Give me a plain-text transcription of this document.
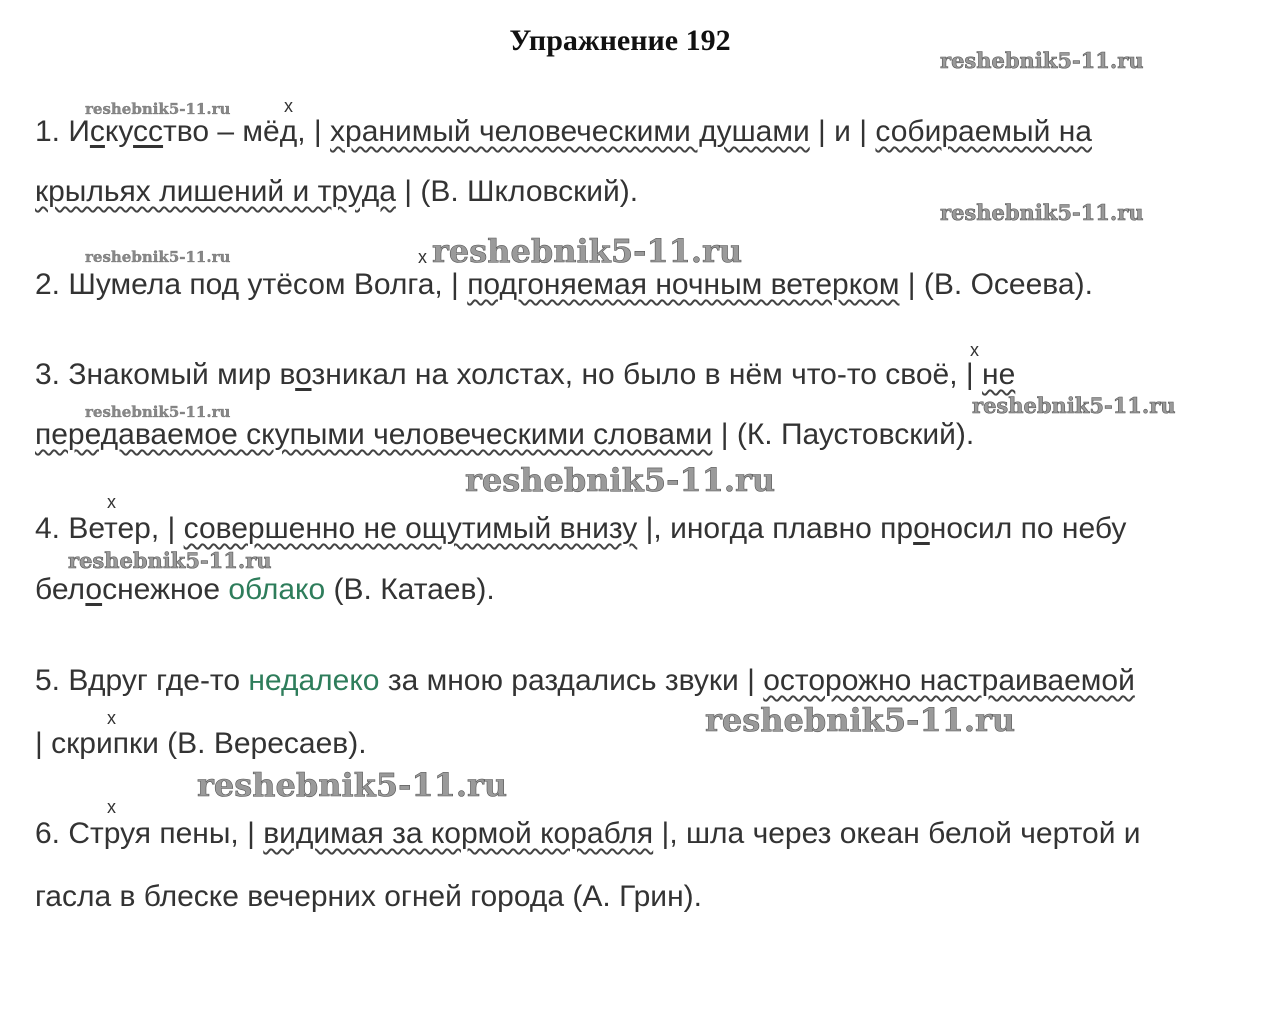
Упражнение 192
1. Искусство – мёд, | хранимый человеческими душами | и | собираемый на
крыльях лишений и труда | (В. Шкловский).
2. Шумела под утёсом Волга, | подгоняемая ночным ветерком | (В. Осеева).
3. Знакомый мир возникал на холстах, но было в нём что-то своё, | не
передаваемое скупыми человеческими словами | (К. Паустовский).
4. Ветер, | совершенно не ощутимый внизу |, иногда плавно проносил по небу
белоснежное облако (В. Катаев).
5. Вдруг где-то недалеко за мною раздались звуки | осторожно настраиваемой
| скрипки (В. Вересаев).
6. Струя пены, | видимая за кормой корабля |, шла через океан белой чертой и
гасла в блеске вечерних огней города (А. Грин).
x
x
x
x
x
x
reshebnik5-11.ru
reshebnik5-11.ru
reshebnik5-11.ru
reshebnik5-11.ru	reshebnik5-11.ru
reshebnik5-11.ru
reshebnik5-11.ru
reshebnik5-11.ru
reshebnik5-11.ru
reshebnik5-11.ru
reshebnik5-11.ru
